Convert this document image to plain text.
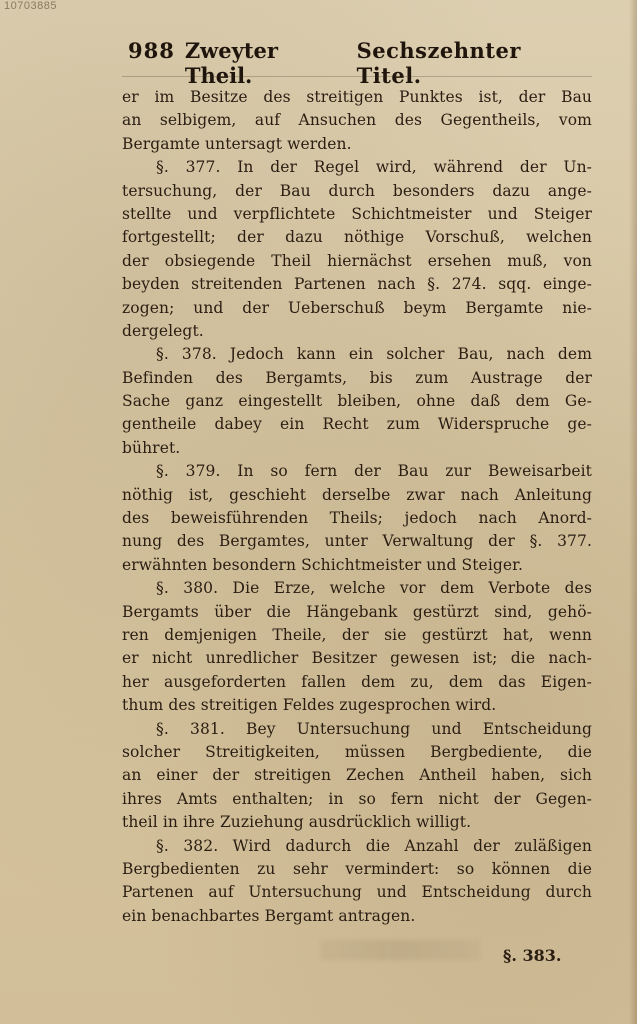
10703885
988 Zweyter Theil.
Sechszehnter Titel.
er im Besitze des streitigen Punktes ist, der Bau
an selbigem, auf Ansuchen des Gegentheils, vom
Bergamte untersagt werden.
§. 377. In der Regel wird, während der Un-
tersuchung, der Bau durch besonders dazu ange-
stellte und verpflichtete Schichtmeister und Steiger
fortgestellt; der dazu nöthige Vorschuß, welchen
der obsiegende Theil hiernächst ersehen muß, von
beyden streitenden Partenen nach §. 274. sqq. einge-
zogen; und der Ueberschuß beym Bergamte nie-
dergelegt.
§. 378. Jedoch kann ein solcher Bau, nach dem
Befinden des Bergamts, bis zum Austrage der
Sache ganz eingestellt bleiben, ohne daß dem Ge-
gentheile dabey ein Recht zum Widerspruche ge-
bühret.
§. 379. In so fern der Bau zur Beweisarbeit
nöthig ist, geschieht derselbe zwar nach Anleitung
des beweisführenden Theils; jedoch nach Anord-
nung des Bergamtes, unter Verwaltung der §. 377.
erwähnten besondern Schichtmeister und Steiger.
§. 380. Die Erze, welche vor dem Verbote des
Bergamts über die Hängebank gestürzt sind, gehö-
ren demjenigen Theile, der sie gestürzt hat, wenn
er nicht unredlicher Besitzer gewesen ist; die nach-
her ausgeforderten fallen dem zu, dem das Eigen-
thum des streitigen Feldes zugesprochen wird.
§. 381. Bey Untersuchung und Entscheidung
solcher Streitigkeiten, müssen Bergbediente, die
an einer der streitigen Zechen Antheil haben, sich
ihres Amts enthalten; in so fern nicht der Gegen-
theil in ihre Zuziehung ausdrücklich willigt.
§. 382. Wird dadurch die Anzahl der zuläßigen
Bergbedienten zu sehr vermindert: so können die
Partenen auf Untersuchung und Entscheidung durch
ein benachbartes Bergamt antragen.
§. 383.
